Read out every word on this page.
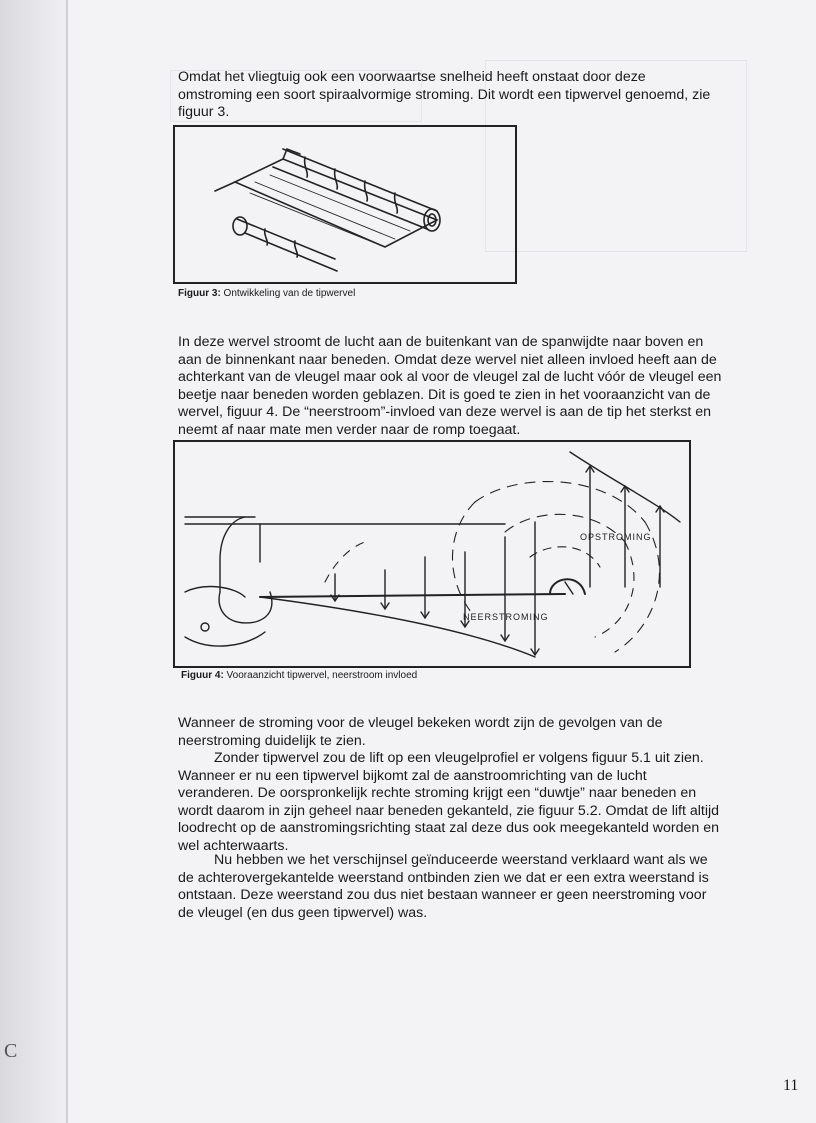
Omdat het vliegtuig ook een voorwaartse snelheid heeft onstaat door deze omstroming een soort spiraalvormige stroming. Dit wordt een tipwervel genoemd, zie figuur 3.

Figuur 3: Ontwikkeling van de tipwervel

In deze wervel stroomt de lucht aan de buitenkant van de spanwijdte naar boven en aan de binnenkant naar beneden. Omdat deze wervel niet alleen invloed heeft aan de achterkant van de vleugel maar ook al voor de vleugel zal de lucht vóór de vleugel een beetje naar beneden worden geblazen. Dit is goed te zien in het vooraanzicht van de wervel, figuur 4. De “neerstroom”-invloed van deze wervel is aan de tip het sterkst en neemt af naar mate men verder naar de romp toegaat.

OPSTROMING
NEERSTROMING
Figuur 4: Vooraanzicht tipwervel, neerstroom invloed

Wanneer de stroming voor de vleugel bekeken wordt zijn de gevolgen van de neerstroming duidelijk te zien.

Zonder tipwervel zou de lift op een vleugelprofiel er volgens figuur 5.1 uit zien. Wanneer er nu een tipwervel bijkomt zal de aanstroomrichting van de lucht veranderen. De oorspronkelijk rechte stroming krijgt een “duwtje” naar beneden en wordt daarom in zijn geheel naar beneden gekanteld, zie figuur 5.2. Omdat de lift altijd loodrecht op de aanstromingsrichting staat zal deze dus ook meegekanteld worden en wel achterwaarts.

Nu hebben we het verschijnsel geïnduceerde weerstand verklaard want als we de achterovergekantelde weerstand ontbinden zien we dat er een extra weerstand is ontstaan. Deze weerstand zou dus niet bestaan wanneer er geen neerstroming voor de vleugel (en dus geen tipwervel) was.

C
11
